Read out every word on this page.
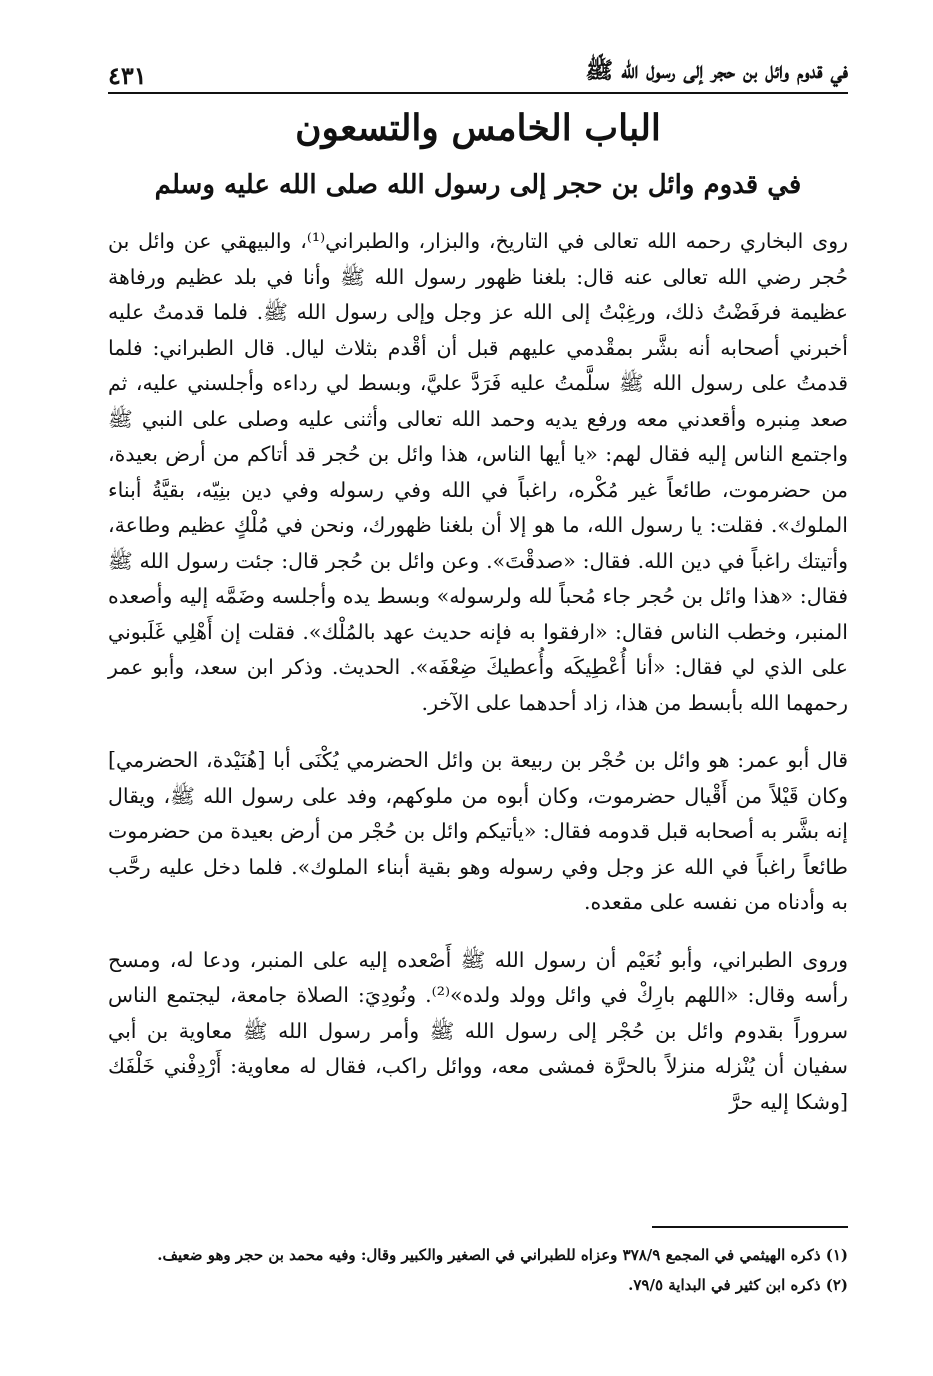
في قدوم وائل بن حجر إلى رسول الله ﷺ
٤٣١
الباب الخامس والتسعون
في قدوم وائل بن حجر إلى رسول الله صلى الله عليه وسلم

روى البخاري رحمه الله تعالى في التاريخ، والبزار، والطبراني⁽¹⁾، والبيهقي عن وائل بن حُجر رضي الله تعالى عنه قال: بلغنا ظهور رسول الله ﷺ وأنا في بلد عظيم ورفاهة عظيمة فرفَضْتُ ذلك، ورغِبْتُ إلى الله عز وجل وإلى رسول الله ﷺ. فلما قدمتُ عليه أخبرني أصحابه أنه بشَّر بمقْدمي عليهم قبل أن أقْدم بثلاث ليال. قال الطبراني: فلما قدمتُ على رسول الله ﷺ سلَّمتُ عليه فَرَدَّ عليَّ، وبسط لي رداءه وأجلسني عليه، ثم صعد مِنبره وأقعدني معه ورفع يديه وحمد الله تعالى وأثنى عليه وصلى على النبي ﷺ واجتمع الناس إليه فقال لهم: «يا أيها الناس، هذا وائل بن حُجر قد أتاكم من أرض بعيدة، من حضرموت، طائعاً غير مُكْره، راغباً في الله وفي رسوله وفي دين بنِيّه، بقيَّةُ أبناء الملوك». فقلت: يا رسول الله، ما هو إلا أن بلغنا ظهورك، ونحن في مُلْكٍ عظيم وطاعة، وأتيتك راغباً في دين الله. فقال: «صدقْتَ». وعن وائل بن حُجر قال: جئت رسول الله ﷺ فقال: «هذا وائل بن حُجر جاء مُحباً لله ولرسوله» وبسط يده وأجلسه وضَمَّه إليه وأصعده المنبر، وخطب الناس فقال: «ارفقوا به فإنه حديث عهد بالمُلْك». فقلت إن أَهْلِي غَلَبوني على الذي لي فقال: «أنا أُعْطِيكَه وأُعطيكَ ضِعْفَه». الحديث. وذكر ابن سعد، وأبو عمر رحمهما الله بأبسط من هذا، زاد أحدهما على الآخر.

قال أبو عمر: هو وائل بن حُجْر بن ربيعة بن وائل الحضرمي يُكْنَى أبا [هُنَيْدة، الحضرمي] وكان قَيْلاً من أَقْيال حضرموت، وكان أبوه من ملوكهم، وفد على رسول الله ﷺ، ويقال إنه بشَّر به أصحابه قبل قدومه فقال: «يأتيكم وائل بن حُجْر من أرض بعيدة من حضرموت طائعاً راغباً في الله عز وجل وفي رسوله وهو بقية أبناء الملوك». فلما دخل عليه رحَّب به وأدناه من نفسه على مقعده.

وروى الطبراني، وأبو نُعَيْم أن رسول الله ﷺ أَصْعده إليه على المنبر، ودعا له، ومسح رأسه وقال: «اللهم بارِكْ في وائل وولد ولده»⁽²⁾. ونُودِيَ: الصلاة جامعة، ليجتمع الناس سروراً بقدوم وائل بن حُجْر إلى رسول الله ﷺ وأمر رسول الله ﷺ معاوية بن أبي سفيان أن يُنْزله منزلاً بالحرَّة فمشى معه، ووائل راكب، فقال له معاوية: أَرْدِفْني خَلْفَك [وشكا إليه حرَّ

(١) ذكره الهيثمي في المجمع ٣٧٨/٩ وعزاه للطبراني في الصغير والكبير وقال: وفيه محمد بن حجر وهو ضعيف.

(٢) ذكره ابن كثير في البداية ٧٩/٥.
